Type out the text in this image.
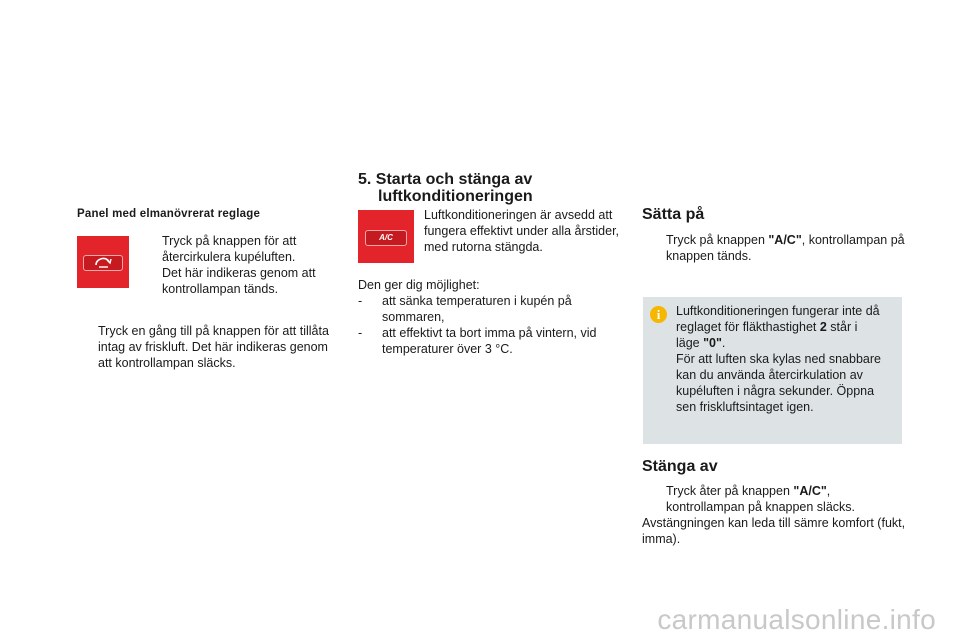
Panel med elmanövrerat reglage
Tryck på knappen för att
återcirkulera kupéluften.
Det här indikeras genom att
kontrollampan tänds.
Tryck en gång till på knappen för att tillåta
intag av friskluft. Det här indikeras genom
att kontrollampan släcks.
5. Starta och stänga av
luftkonditioneringen
A/C
Luftkonditioneringen är avsedd att
fungera effektivt under alla årstider,
med rutorna stängda.
Den ger dig möjlighet:
- att sänka temperaturen i kupén på
sommaren,
- att effektivt ta bort imma på vintern, vid
temperaturer över 3 °C.
Sätta på
Tryck på knappen "A/C", kontrollampan på
knappen tänds.
i	Luftkonditioneringen fungerar inte då
reglaget för fläkthastighet 2 står i
läge "0".
För att luften ska kylas ned snabbare
kan du använda återcirkulation av
kupéluften i några sekunder. Öppna
sen friskluftsintaget igen.
Stänga av
Tryck åter på knappen "A/C",
kontrollampan på knappen släcks.
Avstängningen kan leda till sämre komfort (fukt,
imma).
carmanualsonline.info
